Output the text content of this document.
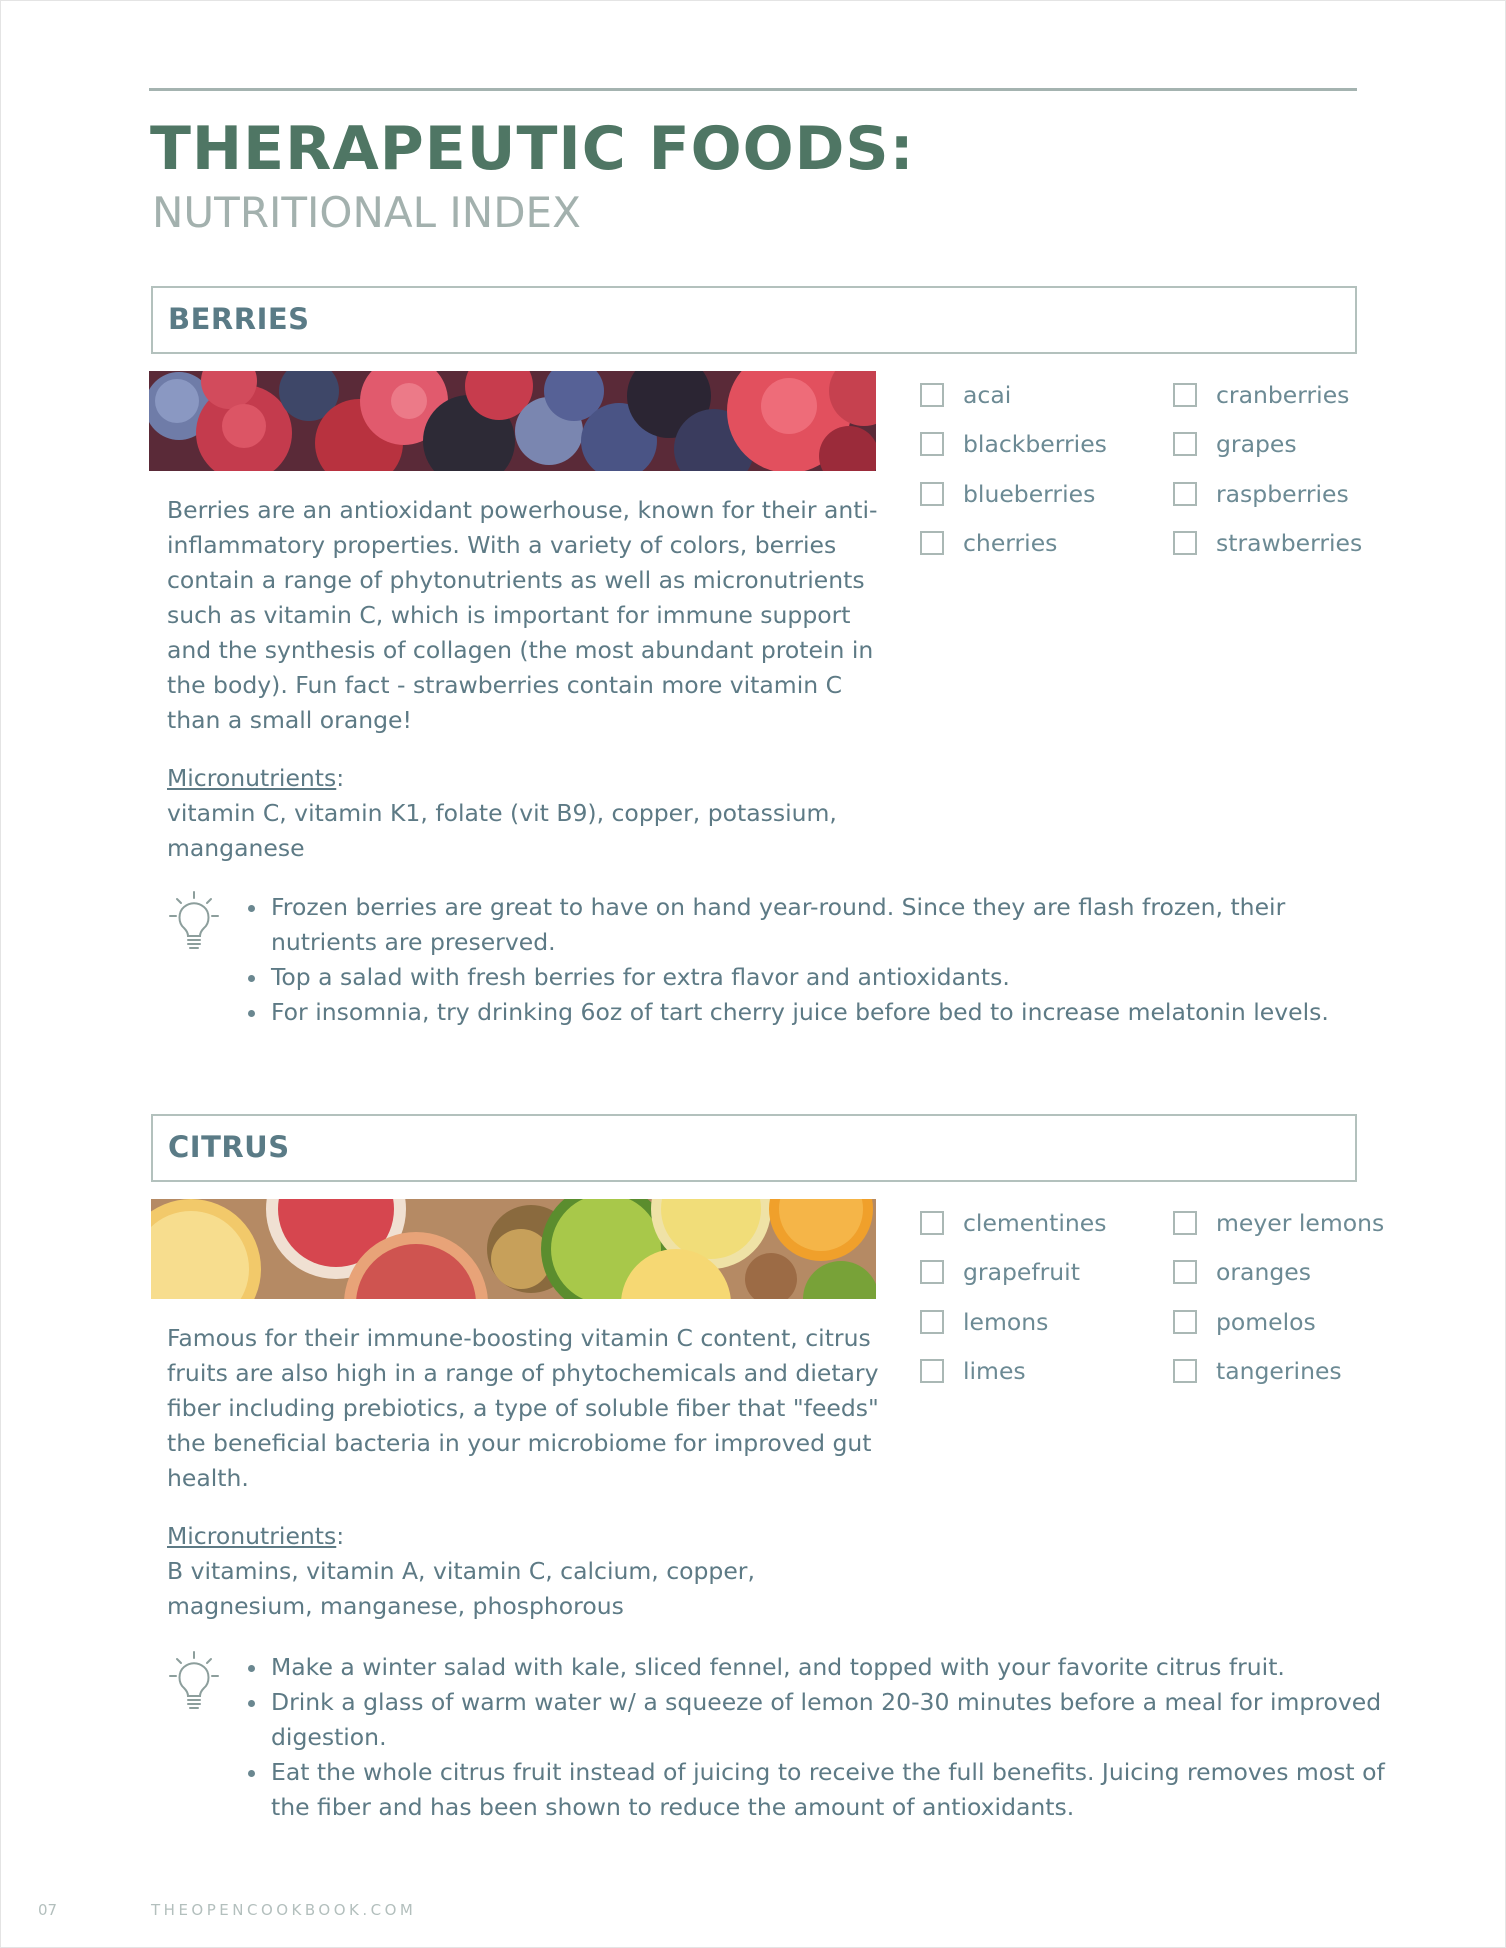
THERAPEUTIC FOODS:
NUTRITIONAL INDEX
BERRIES
Berries are an antioxidant powerhouse, known for their anti-inflammatory properties. With a variety of colors, berries contain a range of phytonutrients as well as micronutrients such as vitamin C, which is important for immune support and the synthesis of collagen (the most abundant protein in the body). Fun fact - strawberries contain more vitamin C than a small orange!
Micronutrients:
vitamin C, vitamin K1, folate (vit B9), copper, potassium, manganese
acai
blackberries
blueberries
cherries
cranberries
grapes
raspberries
strawberries
• Frozen berries are great to have on hand year-round. Since they are flash frozen, their nutrients are preserved.
• Top a salad with fresh berries for extra flavor and antioxidants.
• For insomnia, try drinking 6oz of tart cherry juice before bed to increase melatonin levels.
CITRUS
Famous for their immune-boosting vitamin C content, citrus fruits are also high in a range of phytochemicals and dietary fiber including prebiotics, a type of soluble fiber that "feeds" the beneficial bacteria in your microbiome for improved gut health.
Micronutrients:
B vitamins, vitamin A, vitamin C, calcium, copper, magnesium, manganese, phosphorous
clementines
grapefruit
lemons
limes
meyer lemons
oranges
pomelos
tangerines
• Make a winter salad with kale, sliced fennel, and topped with your favorite citrus fruit.
• Drink a glass of warm water w/ a squeeze of lemon 20-30 minutes before a meal for improved digestion.
• Eat the whole citrus fruit instead of juicing to receive the full benefits. Juicing removes most of the fiber and has been shown to reduce the amount of antioxidants.
07	THEOPENCOOKBOOK.COM
